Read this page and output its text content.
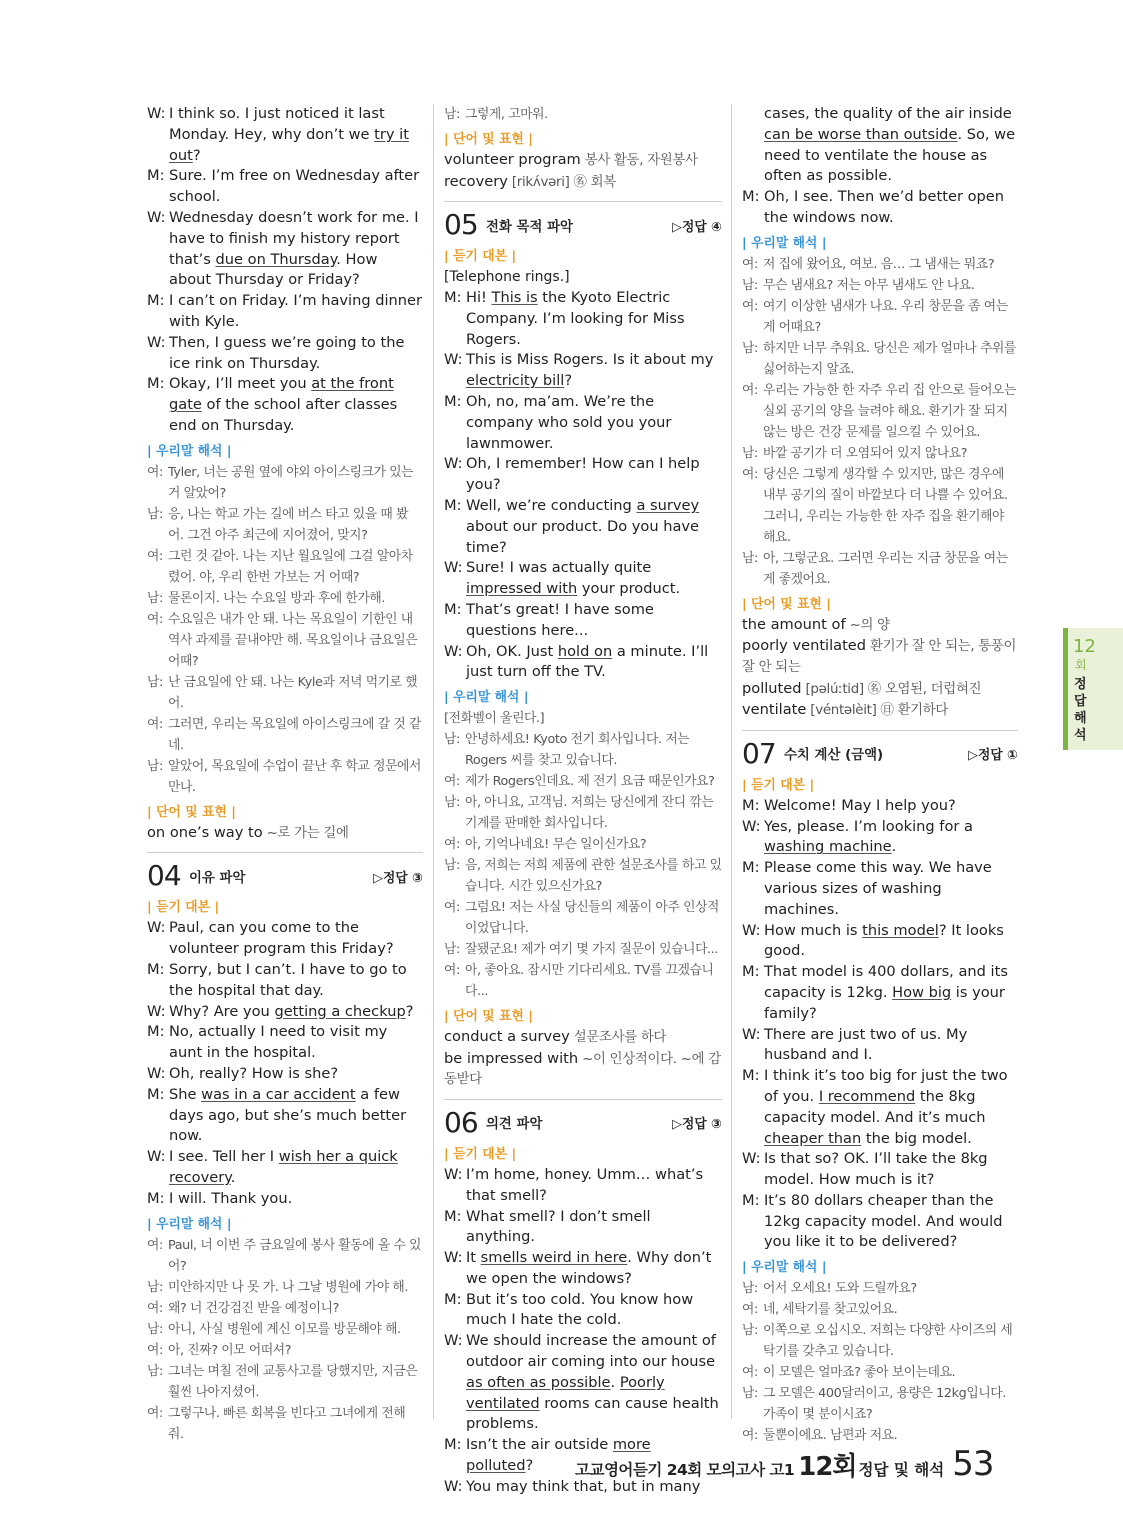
W: I think so. I just noticed it last Monday. Hey, why don’t we try it out?
M: Sure. I’m free on Wednesday after school.
W: Wednesday doesn’t work for me. I have to finish my history report that’s due on Thursday. How about Thursday or Friday?
M: I can’t on Friday. I’m having dinner with Kyle.
W: Then, I guess we’re going to the ice rink on Thursday.
M: Okay, I’ll meet you at the front gate of the school after classes end on Thursday.
| 우리말 해석 |
여: Tyler, 너는 공원 옆에 야외 아이스링크가 있는 거 알았어?
남: 응, 나는 학교 가는 길에 버스 타고 있을 때 봤어. 그건 아주 최근에 지어졌어, 맞지?
여: 그런 것 같아. 나는 지난 월요일에 그걸 알아차렸어. 야, 우리 한번 가보는 거 어때?
남: 물론이지. 나는 수요일 방과 후에 한가해.
여: 수요일은 내가 안 돼. 나는 목요일이 기한인 내 역사 과제를 끝내야만 해. 목요일이나 금요일은 어때?
남: 난 금요일에 안 돼. 나는 Kyle과 저녁 먹기로 했어.
여: 그러면, 우리는 목요일에 아이스링크에 갈 것 같네.
남: 알았어, 목요일에 수업이 끝난 후 학교 정문에서 만나.
| 단어 및 표현 |
on one’s way to ~로 가는 길에
04 이유 파악	▷정답 ③
| 듣기 대본 |
W: Paul, can you come to the volunteer program this Friday?
M: Sorry, but I can’t. I have to go to the hospital that day.
W: Why? Are you getting a checkup?
M: No, actually I need to visit my aunt in the hospital.
W: Oh, really? How is she?
M: She was in a car accident a few days ago, but she’s much better now.
W: I see. Tell her I wish her a quick recovery.
M: I will. Thank you.
| 우리말 해석 |
여: Paul, 너 이번 주 금요일에 봉사 활동에 올 수 있어?
남: 미안하지만 나 못 가. 나 그날 병원에 가야 해.
여: 왜? 너 건강검진 받을 예정이니?
남: 아니, 사실 병원에 계신 이모를 방문해야 해.
여: 아, 진짜? 이모 어떠셔?
남: 그녀는 며칠 전에 교통사고를 당했지만, 지금은 훨씬 나아지셨어.
여: 그렇구나. 빠른 회복을 빈다고 그녀에게 전해 줘.
남: 그렇게, 고마워.
| 단어 및 표현 |
volunteer program 봉사 활동, 자원봉사
recovery [rikʌ́vəri] ㊔ 회복
05 전화 목적 파악	▷정답 ④
| 듣기 대본 |
[Telephone rings.]
M: Hi! This is the Kyoto Electric Company. I’m looking for Miss Rogers.
W: This is Miss Rogers. Is it about my electricity bill?
M: Oh, no, ma’am. We’re the company who sold you your lawnmower.
W: Oh, I remember! How can I help you?
M: Well, we’re conducting a survey about our product. Do you have time?
W: Sure! I was actually quite impressed with your product.
M: That’s great! I have some questions here...
W: Oh, OK. Just hold on a minute. I’ll just turn off the TV.
| 우리말 해석 |
[전화벨이 울린다.]
남: 안녕하세요! Kyoto 전기 회사입니다. 저는 Rogers 씨를 찾고 있습니다.
여: 제가 Rogers인데요. 제 전기 요금 때문인가요?
남: 아, 아니요, 고객님. 저희는 당신에게 잔디 깎는 기계를 판매한 회사입니다.
여: 아, 기억나네요! 무슨 일이신가요?
남: 음, 저희는 저희 제품에 관한 설문조사를 하고 있습니다. 시간 있으신가요?
여: 그럼요! 저는 사실 당신들의 제품이 아주 인상적이었답니다.
남: 잘됐군요! 제가 여기 몇 가지 질문이 있습니다...
여: 아, 좋아요. 잠시만 기다리세요. TV를 끄겠습니다...
| 단어 및 표현 |
conduct a survey 설문조사를 하다
be impressed with ~이 인상적이다. ~에 감동받다
06 의견 파악	▷정답 ③
| 듣기 대본 |
W: I’m home, honey. Umm… what’s that smell?
M: What smell? I don’t smell anything.
W: It smells weird in here. Why don’t we open the windows?
M: But it’s too cold. You know how much I hate the cold.
W: We should increase the amount of outdoor air coming into our house as often as possible. Poorly ventilated rooms can cause health problems.
M: Isn’t the air outside more polluted?
W: You may think that, but in many
cases, the quality of the air inside can be worse than outside. So, we need to ventilate the house as often as possible.
M: Oh, I see. Then we’d better open the windows now.
| 우리말 해석 |
여: 저 집에 왔어요, 여보. 음… 그 냄새는 뭐죠?
남: 무슨 냄새요? 저는 아무 냄새도 안 나요.
여: 여기 이상한 냄새가 나요. 우리 창문을 좀 여는 게 어때요?
남: 하지만 너무 추워요. 당신은 제가 얼마나 추위를 싫어하는지 알죠.
여: 우리는 가능한 한 자주 우리 집 안으로 들어오는 실외 공기의 양을 늘려야 해요. 환기가 잘 되지 않는 방은 건강 문제를 일으킬 수 있어요.
남: 바깥 공기가 더 오염되어 있지 않나요?
여: 당신은 그렇게 생각할 수 있지만, 많은 경우에 내부 공기의 질이 바깥보다 더 나쁠 수 있어요. 그러니, 우리는 가능한 한 자주 집을 환기해야 해요.
남: 아, 그렇군요. 그러면 우리는 지금 창문을 여는 게 좋겠어요.
| 단어 및 표현 |
the amount of ~의 양
poorly ventilated 환기가 잘 안 되는, 통풍이 잘 안 되는
polluted [pəlúːtid] ㊔ 오염된, 더럽혀진
ventilate [véntəlèit] ㊐ 환기하다
07 수치 계산 (금액)	▷정답 ①
| 듣기 대본 |
M: Welcome! May I help you?
W: Yes, please. I’m looking for a washing machine.
M: Please come this way. We have various sizes of washing machines.
W: How much is this model? It looks good.
M: That model is 400 dollars, and its capacity is 12kg. How big is your family?
W: There are just two of us. My husband and I.
M: I think it’s too big for just the two of you. I recommend the 8kg capacity model. And it’s much cheaper than the big model.
W: Is that so? OK. I’ll take the 8kg model. How much is it?
M: It’s 80 dollars cheaper than the 12kg capacity model. And would you like it to be delivered?
| 우리말 해석 |
남: 어서 오세요! 도와 드릴까요?
여: 네, 세탁기를 찾고있어요.
남: 이쪽으로 오십시오. 저희는 다양한 사이즈의 세탁기를 갖추고 있습니다.
여: 이 모델은 얼마죠? 좋아 보이는데요.
남: 그 모델은 400달러이고, 용량은 12kg입니다. 가족이 몇 분이시죠?
여: 둘뿐이에요. 남편과 저요.
12
회
정답해석
고교영어듣기 24회 모의고사 고1 12회 정답 및 해석 53
